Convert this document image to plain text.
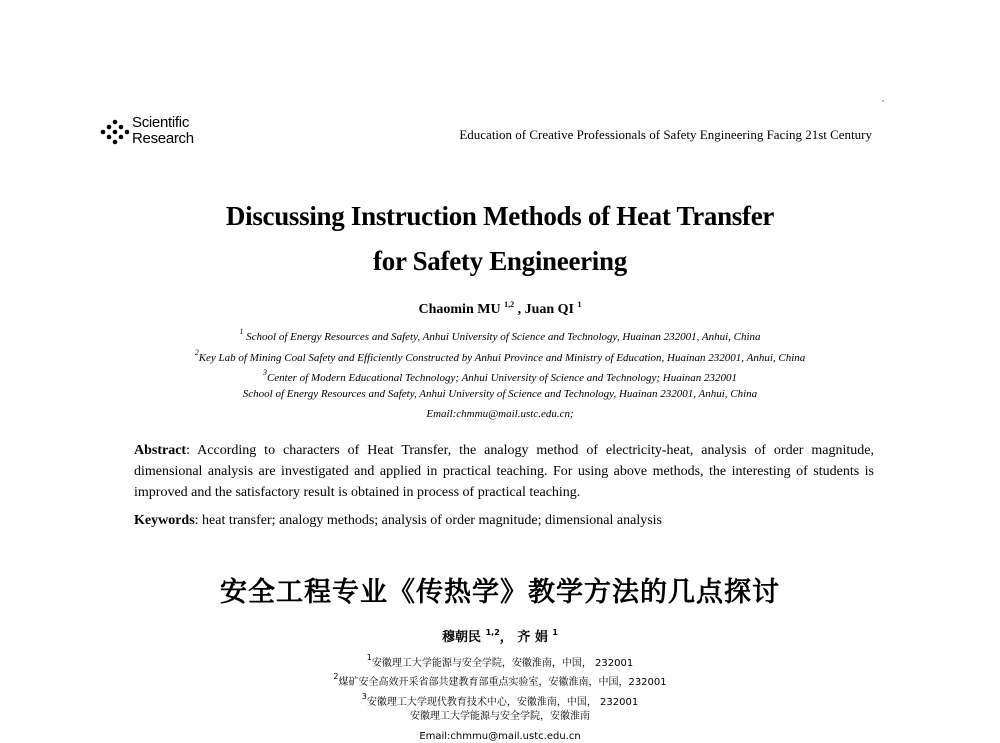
Scientific
Research	Education of Creative Professionals of Safety Engineering Facing 21st Century
Discussing Instruction Methods of Heat Transfer
for Safety Engineering
Chaomin MU $^{1,2}$ , Juan QI $^1$
$^1$ School of Energy Resources and Safety, Anhui University of Science and Technology, Huainan 232001, Anhui, China
$^2$Key Lab of Mining Coal Safety and Efficiently Constructed by Anhui Province and Ministry of Education, Huainan 232001, Anhui, China
$^3$Center of Modern Educational Technology; Anhui University of Science and Technology; Huainan 232001
School of Energy Resources and Safety, Anhui University of Science and Technology, Huainan 232001, Anhui, China
Email:chmmu@mail.ustc.edu.cn;
Abstract: According to characters of Heat Transfer, the analogy method of electricity-heat, analysis of order magnitude, dimensional analysis are investigated and applied in practical teaching. For using above methods, the interesting of students is improved and the satisfactory result is obtained in process of practical teaching.
Keywords: heat transfer; analogy methods; analysis of order magnitude; dimensional analysis
安全工程专业《传热学》教学方法的几点探讨
穆朝民 $^{1,2}$， 齐 娟 $^1$
$^1$安徽理工大学能源与安全学院，安徽淮南，中国， 232001
$^2$煤矿安全高效开采省部共建教育部重点实验室，安徽淮南，中国，232001
$^3$安徽理工大学现代教育技术中心，安徽淮南，中国， 232001
安徽理工大学能源与安全学院，安徽淮南
Email:chmmu@mail.ustc.edu.cn
